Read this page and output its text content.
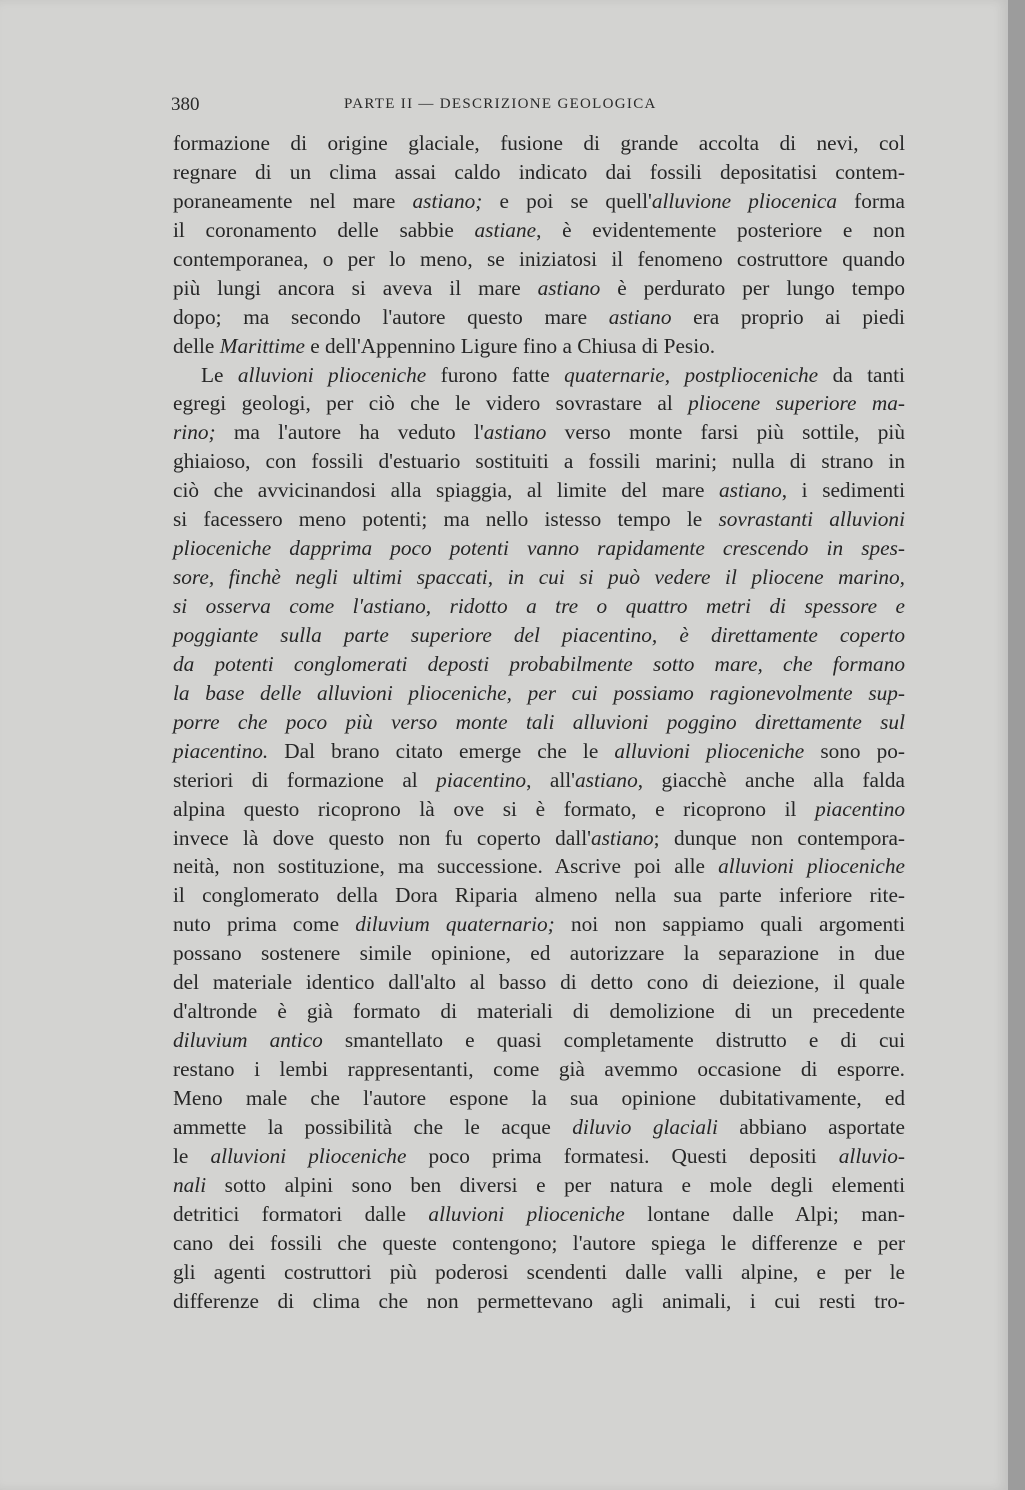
380	PARTE II — DESCRIZIONE GEOLOGICA
formazione di origine glaciale, fusione di grande accolta di nevi, col
regnare di un clima assai caldo indicato dai fossili depositatisi contem-
poraneamente nel mare astiano; e poi se quell'alluvione pliocenica forma
il coronamento delle sabbie astiane, è evidentemente posteriore e non
contemporanea, o per lo meno, se iniziatosi il fenomeno costruttore quando
più lungi ancora si aveva il mare astiano è perdurato per lungo tempo
dopo; ma secondo l'autore questo mare astiano era proprio ai piedi
delle Marittime e dell'Appennino Ligure fino a Chiusa di Pesio.
Le alluvioni plioceniche furono fatte quaternarie, postplioceniche da tanti
egregi geologi, per ciò che le videro sovrastare al pliocene superiore ma-
rino; ma l'autore ha veduto l'astiano verso monte farsi più sottile, più
ghiaioso, con fossili d'estuario sostituiti a fossili marini; nulla di strano in
ciò che avvicinandosi alla spiaggia, al limite del mare astiano, i sedimenti
si facessero meno potenti; ma nello istesso tempo le sovrastanti alluvioni
plioceniche dapprima poco potenti vanno rapidamente crescendo in spes-
sore, finchè negli ultimi spaccati, in cui si può vedere il pliocene marino,
si osserva come l'astiano, ridotto a tre o quattro metri di spessore e
poggiante sulla parte superiore del piacentino, è direttamente coperto
da potenti conglomerati deposti probabilmente sotto mare, che formano
la base delle alluvioni plioceniche, per cui possiamo ragionevolmente sup-
porre che poco più verso monte tali alluvioni poggino direttamente sul
piacentino. Dal brano citato emerge che le alluvioni plioceniche sono po-
steriori di formazione al piacentino, all'astiano, giacchè anche alla falda
alpina questo ricoprono là ove si è formato, e ricoprono il piacentino
invece là dove questo non fu coperto dall'astiano; dunque non contempora-
neità, non sostituzione, ma successione. Ascrive poi alle alluvioni plioceniche
il conglomerato della Dora Riparia almeno nella sua parte inferiore rite-
nuto prima come diluvium quaternario; noi non sappiamo quali argomenti
possano sostenere simile opinione, ed autorizzare la separazione in due
del materiale identico dall'alto al basso di detto cono di deiezione, il quale
d'altronde è già formato di materiali di demolizione di un precedente
diluvium antico smantellato e quasi completamente distrutto e di cui
restano i lembi rappresentanti, come già avemmo occasione di esporre.
Meno male che l'autore espone la sua opinione dubitativamente, ed
ammette la possibilità che le acque diluvio glaciali abbiano asportate
le alluvioni plioceniche poco prima formatesi. Questi depositi alluvio-
nali sotto alpini sono ben diversi e per natura e mole degli elementi
detritici formatori dalle alluvioni plioceniche lontane dalle Alpi; man-
cano dei fossili che queste contengono; l'autore spiega le differenze e per
gli agenti costruttori più poderosi scendenti dalle valli alpine, e per le
differenze di clima che non permettevano agli animali, i cui resti tro-
